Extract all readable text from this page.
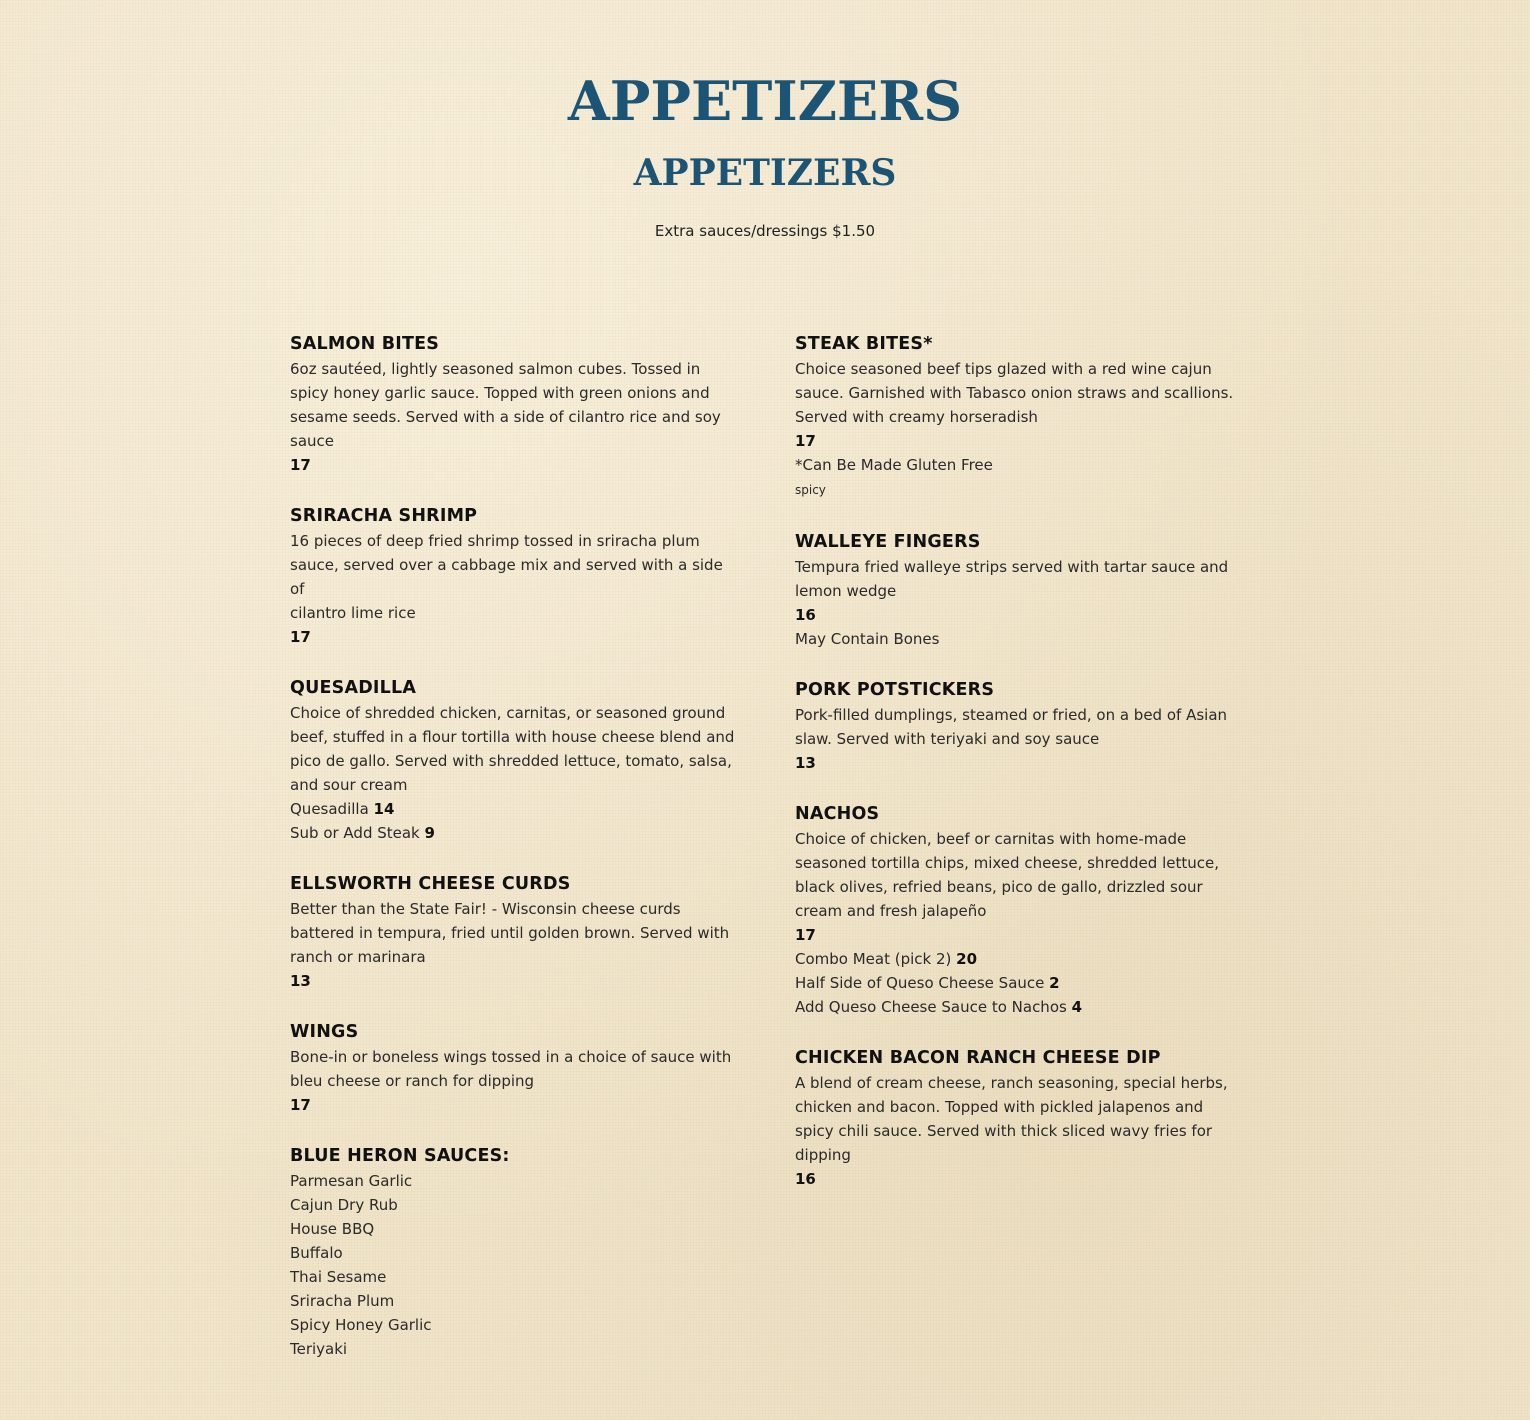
APPETIZERS
APPETIZERS
Extra sauces/dressings $1.50
SALMON BITES
6oz sautéed, lightly seasoned salmon cubes. Tossed in
spicy honey garlic sauce. Topped with green onions and
sesame seeds. Served with a side of cilantro rice and soy
sauce
17
SRIRACHA SHRIMP
16 pieces of deep fried shrimp tossed in sriracha plum
sauce, served over a cabbage mix and served with a side of
cilantro lime rice
17
QUESADILLA
Choice of shredded chicken, carnitas, or seasoned ground
beef, stuffed in a flour tortilla with house cheese blend and
pico de gallo. Served with shredded lettuce, tomato, salsa,
and sour cream
Quesadilla 14
Sub or Add Steak 9
ELLSWORTH CHEESE CURDS
Better than the State Fair! - Wisconsin cheese curds
battered in tempura, fried until golden brown. Served with
ranch or marinara
13
WINGS
Bone-in or boneless wings tossed in a choice of sauce with
bleu cheese or ranch for dipping
17
BLUE HERON SAUCES:
Parmesan Garlic
Cajun Dry Rub
House BBQ
Buffalo
Thai Sesame
Sriracha Plum
Spicy Honey Garlic
Teriyaki
STEAK BITES*
Choice seasoned beef tips glazed with a red wine cajun
sauce. Garnished with Tabasco onion straws and scallions.
Served with creamy horseradish
17
*Can Be Made Gluten Free
spicy
WALLEYE FINGERS
Tempura fried walleye strips served with tartar sauce and
lemon wedge
16
May Contain Bones
PORK POTSTICKERS
Pork-filled dumplings, steamed or fried, on a bed of Asian
slaw. Served with teriyaki and soy sauce
13
NACHOS
Choice of chicken, beef or carnitas with home-made
seasoned tortilla chips, mixed cheese, shredded lettuce,
black olives, refried beans, pico de gallo, drizzled sour
cream and fresh jalapeño
17
Combo Meat (pick 2) 20
Half Side of Queso Cheese Sauce 2
Add Queso Cheese Sauce to Nachos 4
CHICKEN BACON RANCH CHEESE DIP
A blend of cream cheese, ranch seasoning, special herbs,
chicken and bacon. Topped with pickled jalapenos and
spicy chili sauce. Served with thick sliced wavy fries for
dipping
16
